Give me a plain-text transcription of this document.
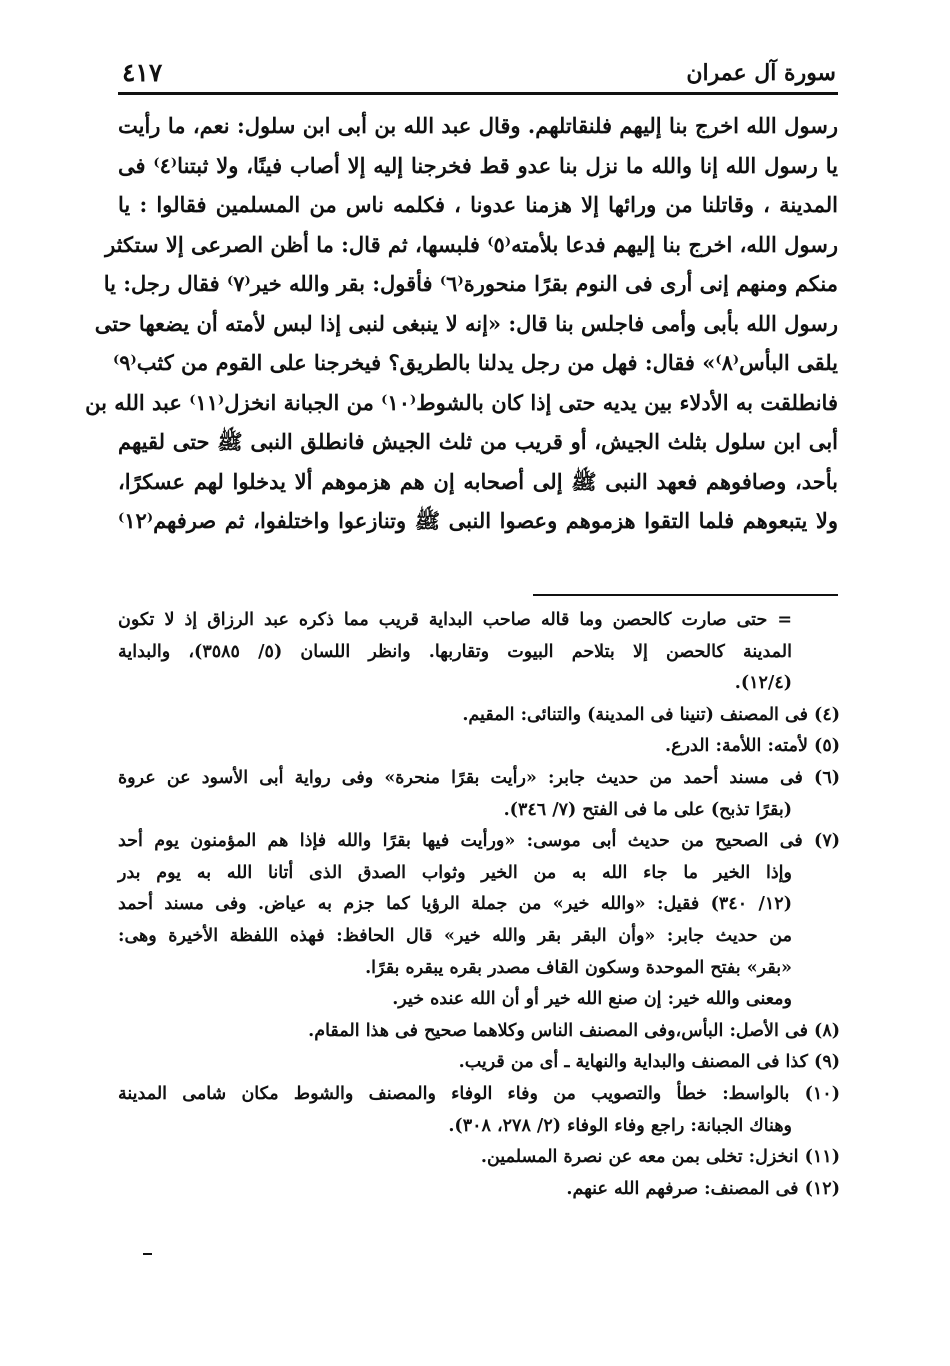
سورة آل عمران
٤١٧
رسول الله اخرج بنا إليهم فلنقاتلهم. وقال عبد الله بن أبى ابن سلول: نعم، ما رأيت
يا رسول الله إنا والله ما نزل بنا عدو قط فخرجنا إليه إلا أصاب فينًا، ولا ثبتنا⁽٤⁾ فى
المدينة ، وقاتلنا من ورائها إلا هزمنا عدونا ، فكلمه ناس من المسلمين فقالوا : يا
رسول الله، اخرج بنا إليهم فدعا بلأمته⁽٥⁾ فلبسها، ثم قال: ما أظن الصرعى إلا ستكثر
منكم ومنهم إنى أرى فى النوم بقرًا منحورة⁽٦⁾ فأقول: بقر والله خير⁽٧⁾ فقال رجل: يا
رسول الله بأبى وأمى فاجلس بنا قال: «إنه لا ينبغى لنبى إذا لبس لأمته أن يضعها حتى
يلقى البأس⁽٨⁾» فقال: فهل من رجل يدلنا بالطريق؟ فيخرجنا على القوم من كثب⁽٩⁾
فانطلقت به الأدلاء بين يديه حتى إذا كان بالشوط⁽١٠⁾ من الجبانة انخزل⁽١١⁾ عبد الله بن
أبى ابن سلول بثلث الجيش، أو قريب من ثلث الجيش فانطلق النبى ﷺ حتى لقيهم
بأحد، وصافوهم فعهد النبى ﷺ إلى أصحابه إن هم هزموهم ألا يدخلوا لهم عسكرًا،
ولا يتبعوهم فلما التقوا هزموهم وعصوا النبى ﷺ وتنازعوا واختلفوا، ثم صرفهم⁽١٢⁾
= حتى صارت كالحصن وما قاله صاحب البداية قريب مما ذكره عبد الرزاق إذ لا تكون
المدينة كالحصن إلا بتلاحم البيوت وتقاربها. وانظر اللسان (٥/ ٣٥٨٥)، والبداية
(١٢/٤).
(٤) فى المصنف (تنينا فى المدينة) والتنائى: المقيم.
(٥) لأمته: اللأمة: الدرع.
(٦) فى مسند أحمد من حديث جابر: «رأيت بقرًا منحرة» وفى رواية أبى الأسود عن عروة
(بقرًا تذبح) على ما فى الفتح (٧/ ٣٤٦).
(٧) فى الصحيح من حديث أبى موسى: «ورأيت فيها بقرًا والله فإذا هم المؤمنون يوم أحد
وإذا الخير ما جاء الله به من الخير وثواب الصدق الذى أتانا الله به يوم بدر
(١٢/ ٣٤٠) فقيل: «والله خير» من جملة الرؤيا كما جزم به عياض. وفى مسند أحمد
من حديث جابر: «وأن البقر بقر والله خير» قال الحافظ: فهذه اللفظة الأخيرة وهى:
«بقر» بفتح الموحدة وسكون القاف مصدر بقره يبقره بقرًا.
ومعنى والله خير: إن صنع الله خير أو أن الله عنده خير.
(٨) فى الأصل: البأس،وفى المصنف الناس وكلاهما صحيح فى هذا المقام.
(٩) كذا فى المصنف والبداية والنهاية ـ أى من قريب.
(١٠) بالواسط: خطأ والتصويب من وفاء الوفاء والمصنف والشوط مكان شامى المدينة
وهناك الجبانة: راجع وفاء الوفاء (٢/ ٢٧٨، ٣٠٨).
(١١) انخزل: تخلى بمن معه عن نصرة المسلمين.
(١٢) فى المصنف: صرفهم الله عنهم.
